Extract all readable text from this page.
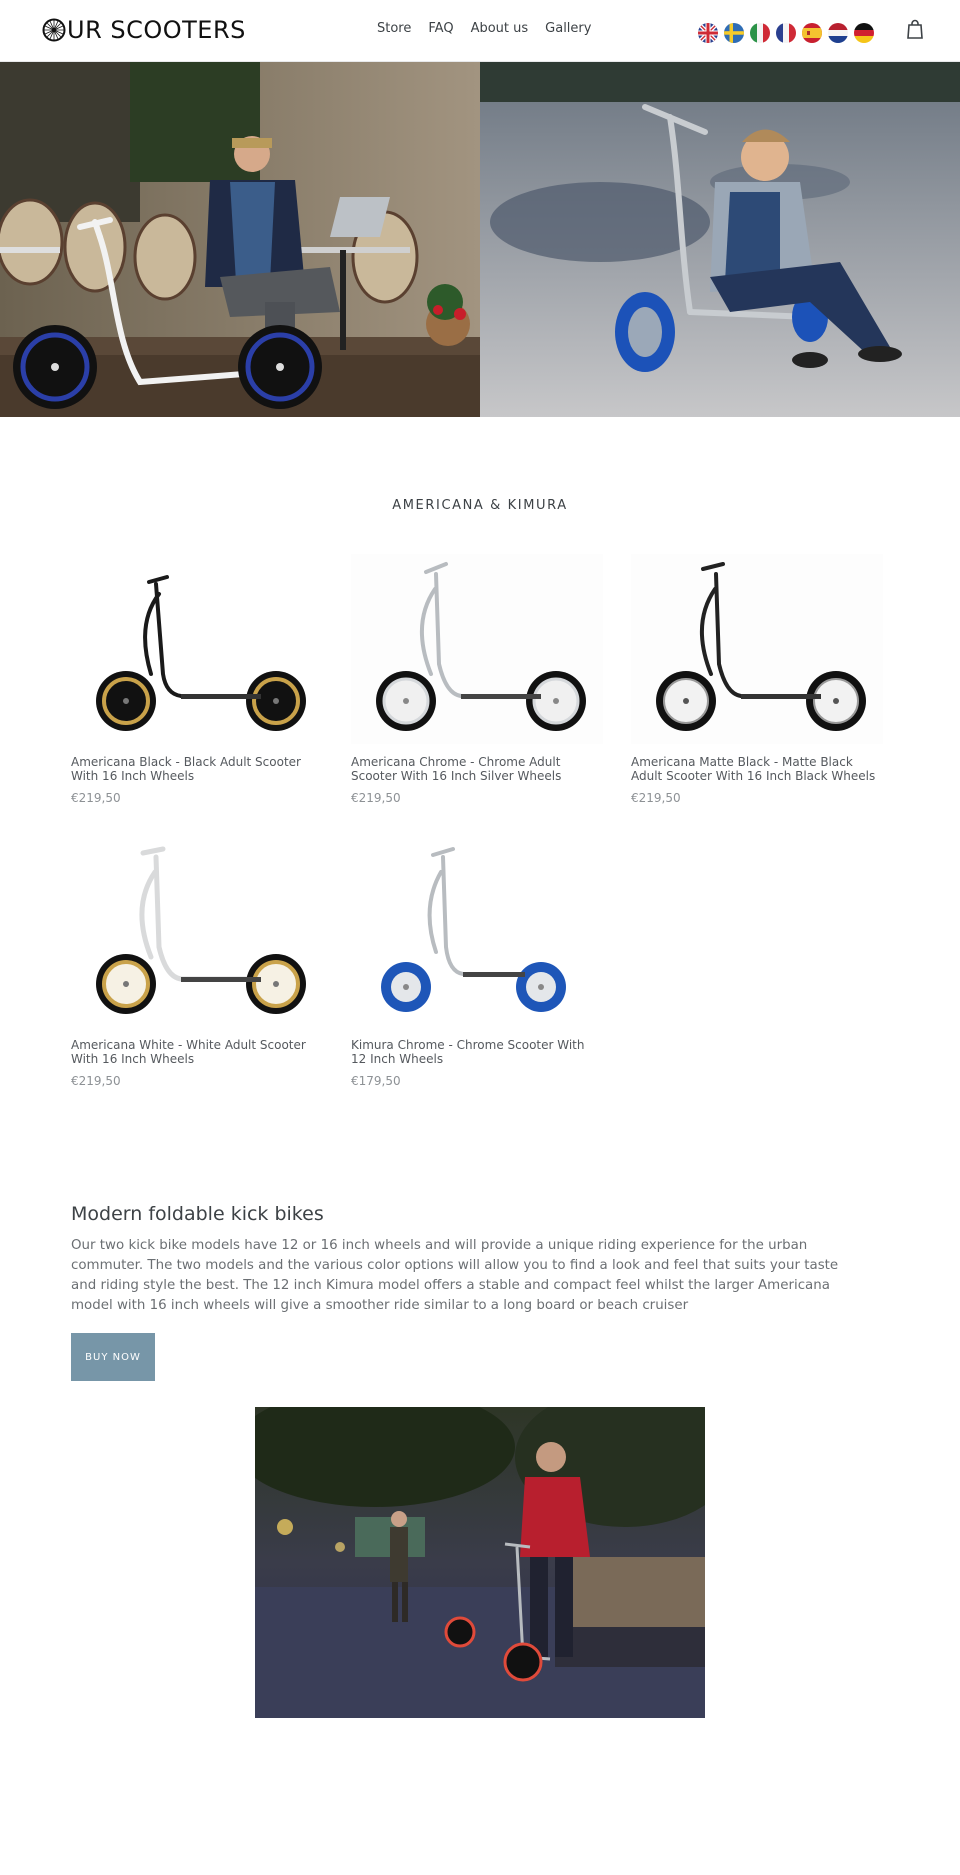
UR SCOOTERS	Store FAQ About us Gallery
AMERICANA & KIMURA
Americana Black - Black Adult Scooter With 16 Inch Wheels
€219,50
Americana Chrome - Chrome Adult Scooter With 16 Inch Silver Wheels
€219,50
Americana Matte Black - Matte Black Adult Scooter With 16 Inch Black Wheels
€219,50
Americana White - White Adult Scooter With 16 Inch Wheels
€219,50
Kimura Chrome - Chrome Scooter With 12 Inch Wheels
€179,50
Modern foldable kick bikes

Our two kick bike models have 12 or 16 inch wheels and will provide a unique riding experience for the urban commuter. The two models and the various color options will allow you to find a look and feel that suits your taste and riding style the best. The 12 inch Kimura model offers a stable and compact feel whilst the larger Americana model with 16 inch wheels will give a smoother ride similar to a long board or beach cruiser

BUY NOW
